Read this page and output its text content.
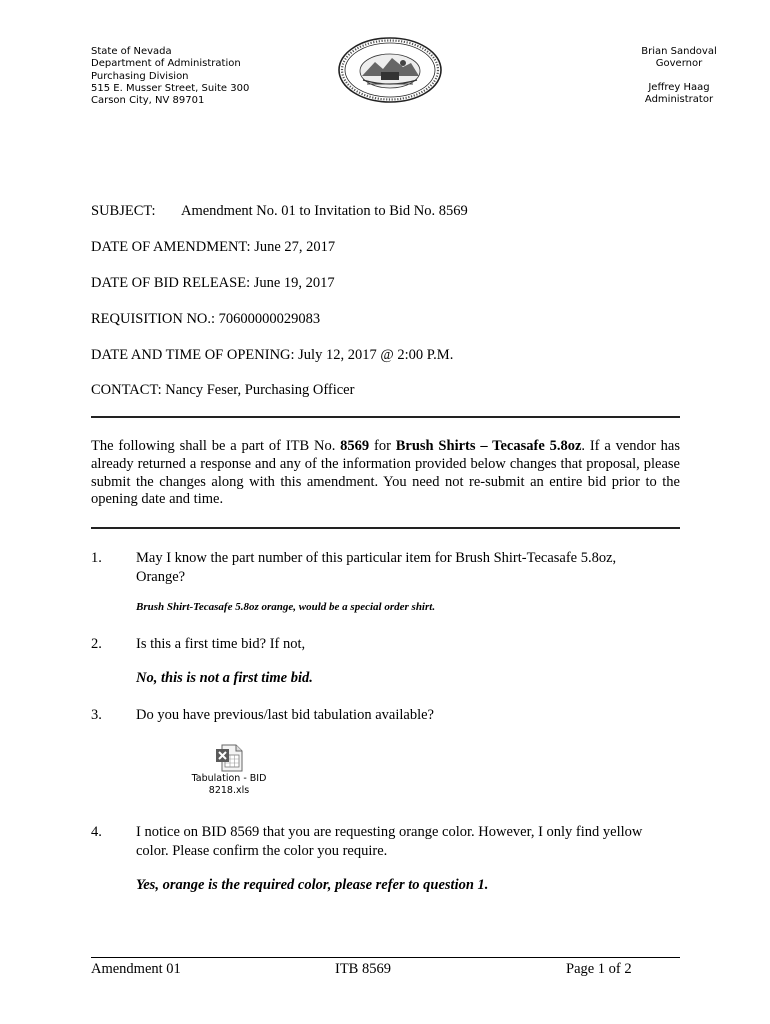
State of Nevada
Department of Administration
Purchasing Division
515 E. Musser Street, Suite 300
Carson City, NV 89701
Brian Sandoval
Governor
Jeffrey Haag
Administrator
SUBJECT: Amendment No. 01 to Invitation to Bid No. 8569
DATE OF AMENDMENT: June 27, 2017
DATE OF BID RELEASE: June 19, 2017
REQUISITION NO.: 70600000029083
DATE AND TIME OF OPENING: July 12, 2017 @ 2:00 P.M.
CONTACT: Nancy Feser, Purchasing Officer
The following shall be a part of ITB No. 8569 for Brush Shirts – Tecasafe 5.8oz. If a vendor has already returned a response and any of the information provided below changes that proposal, please submit the changes along with this amendment. You need not re-submit an entire bid prior to the opening date and time.
1. May I know the part number of this particular item for Brush Shirt-Tecasafe 5.8oz, Orange?
Brush Shirt-Tecasafe 5.8oz orange, would be a special order shirt.
2. Is this a first time bid? If not,
No, this is not a first time bid.
3. Do you have previous/last bid tabulation available?
Tabulation - BID
8218.xls
4. I notice on BID 8569 that you are requesting orange color. However, I only find yellow color. Please confirm the color you require.
Yes, orange is the required color, please refer to question 1.
Amendment 01	ITB 8569	Page 1 of 2
